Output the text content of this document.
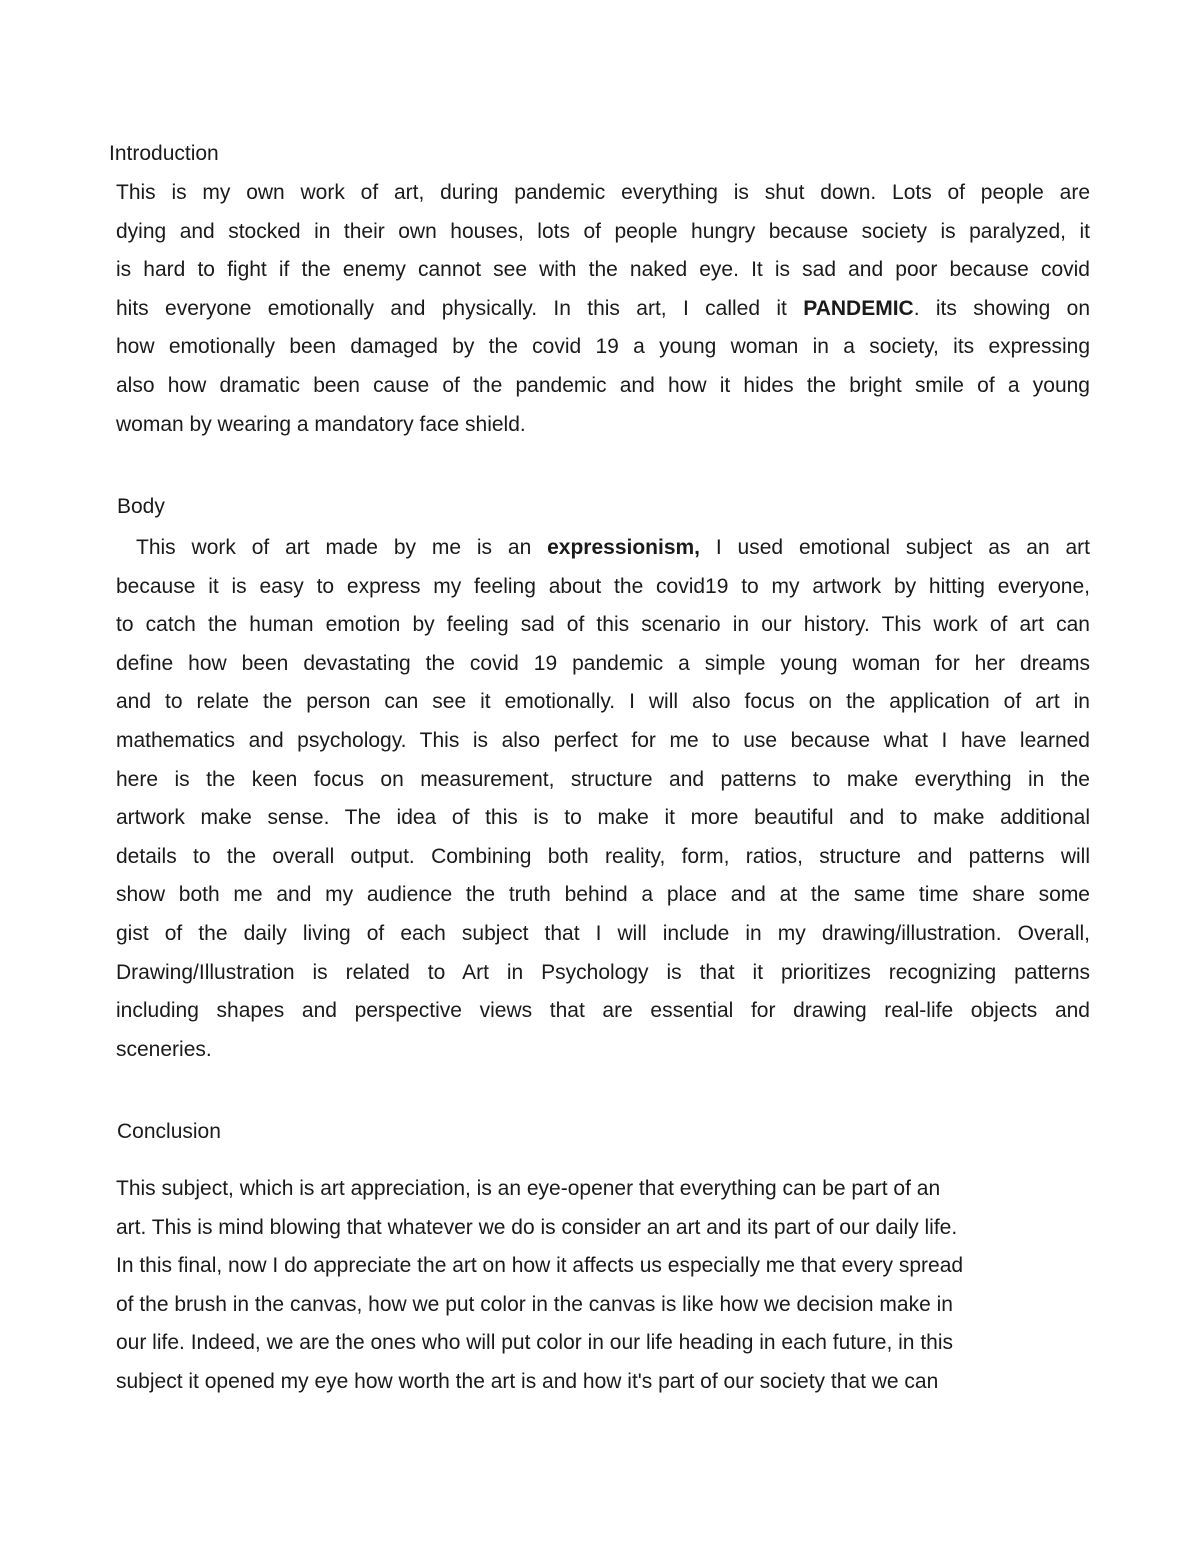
Introduction
This is my own work of art, during pandemic everything is shut down. Lots of people are
dying and stocked in their own houses, lots of people hungry because society is paralyzed, it
is hard to fight if the enemy cannot see with the naked eye. It is sad and poor because covid
hits everyone emotionally and physically. In this art, I called it PANDEMIC. its showing on
how emotionally been damaged by the covid 19 a young woman in a society, its expressing
also how dramatic been cause of the pandemic and how it hides the bright smile of a young
woman by wearing a mandatory face shield.
Body
This work of art made by me is an expressionism, I used emotional subject as an art
because it is easy to express my feeling about the covid19 to my artwork by hitting everyone,
to catch the human emotion by feeling sad of this scenario in our history. This work of art can
define how been devastating the covid 19 pandemic a simple young woman for her dreams
and to relate the person can see it emotionally. I will also focus on the application of art in
mathematics and psychology. This is also perfect for me to use because what I have learned
here is the keen focus on measurement, structure and patterns to make everything in the
artwork make sense. The idea of this is to make it more beautiful and to make additional
details to the overall output. Combining both reality, form, ratios, structure and patterns will
show both me and my audience the truth behind a place and at the same time share some
gist of the daily living of each subject that I will include in my drawing/illustration. Overall,
Drawing/Illustration is related to Art in Psychology is that it prioritizes recognizing patterns
including shapes and perspective views that are essential for drawing real-life objects and
sceneries.
Conclusion
This subject, which is art appreciation, is an eye-opener that everything can be part of an
art. This is mind blowing that whatever we do is consider an art and its part of our daily life.
In this final, now I do appreciate the art on how it affects us especially me that every spread
of the brush in the canvas, how we put color in the canvas is like how we decision make in
our life. Indeed, we are the ones who will put color in our life heading in each future, in this
subject it opened my eye how worth the art is and how it's part of our society that we can
